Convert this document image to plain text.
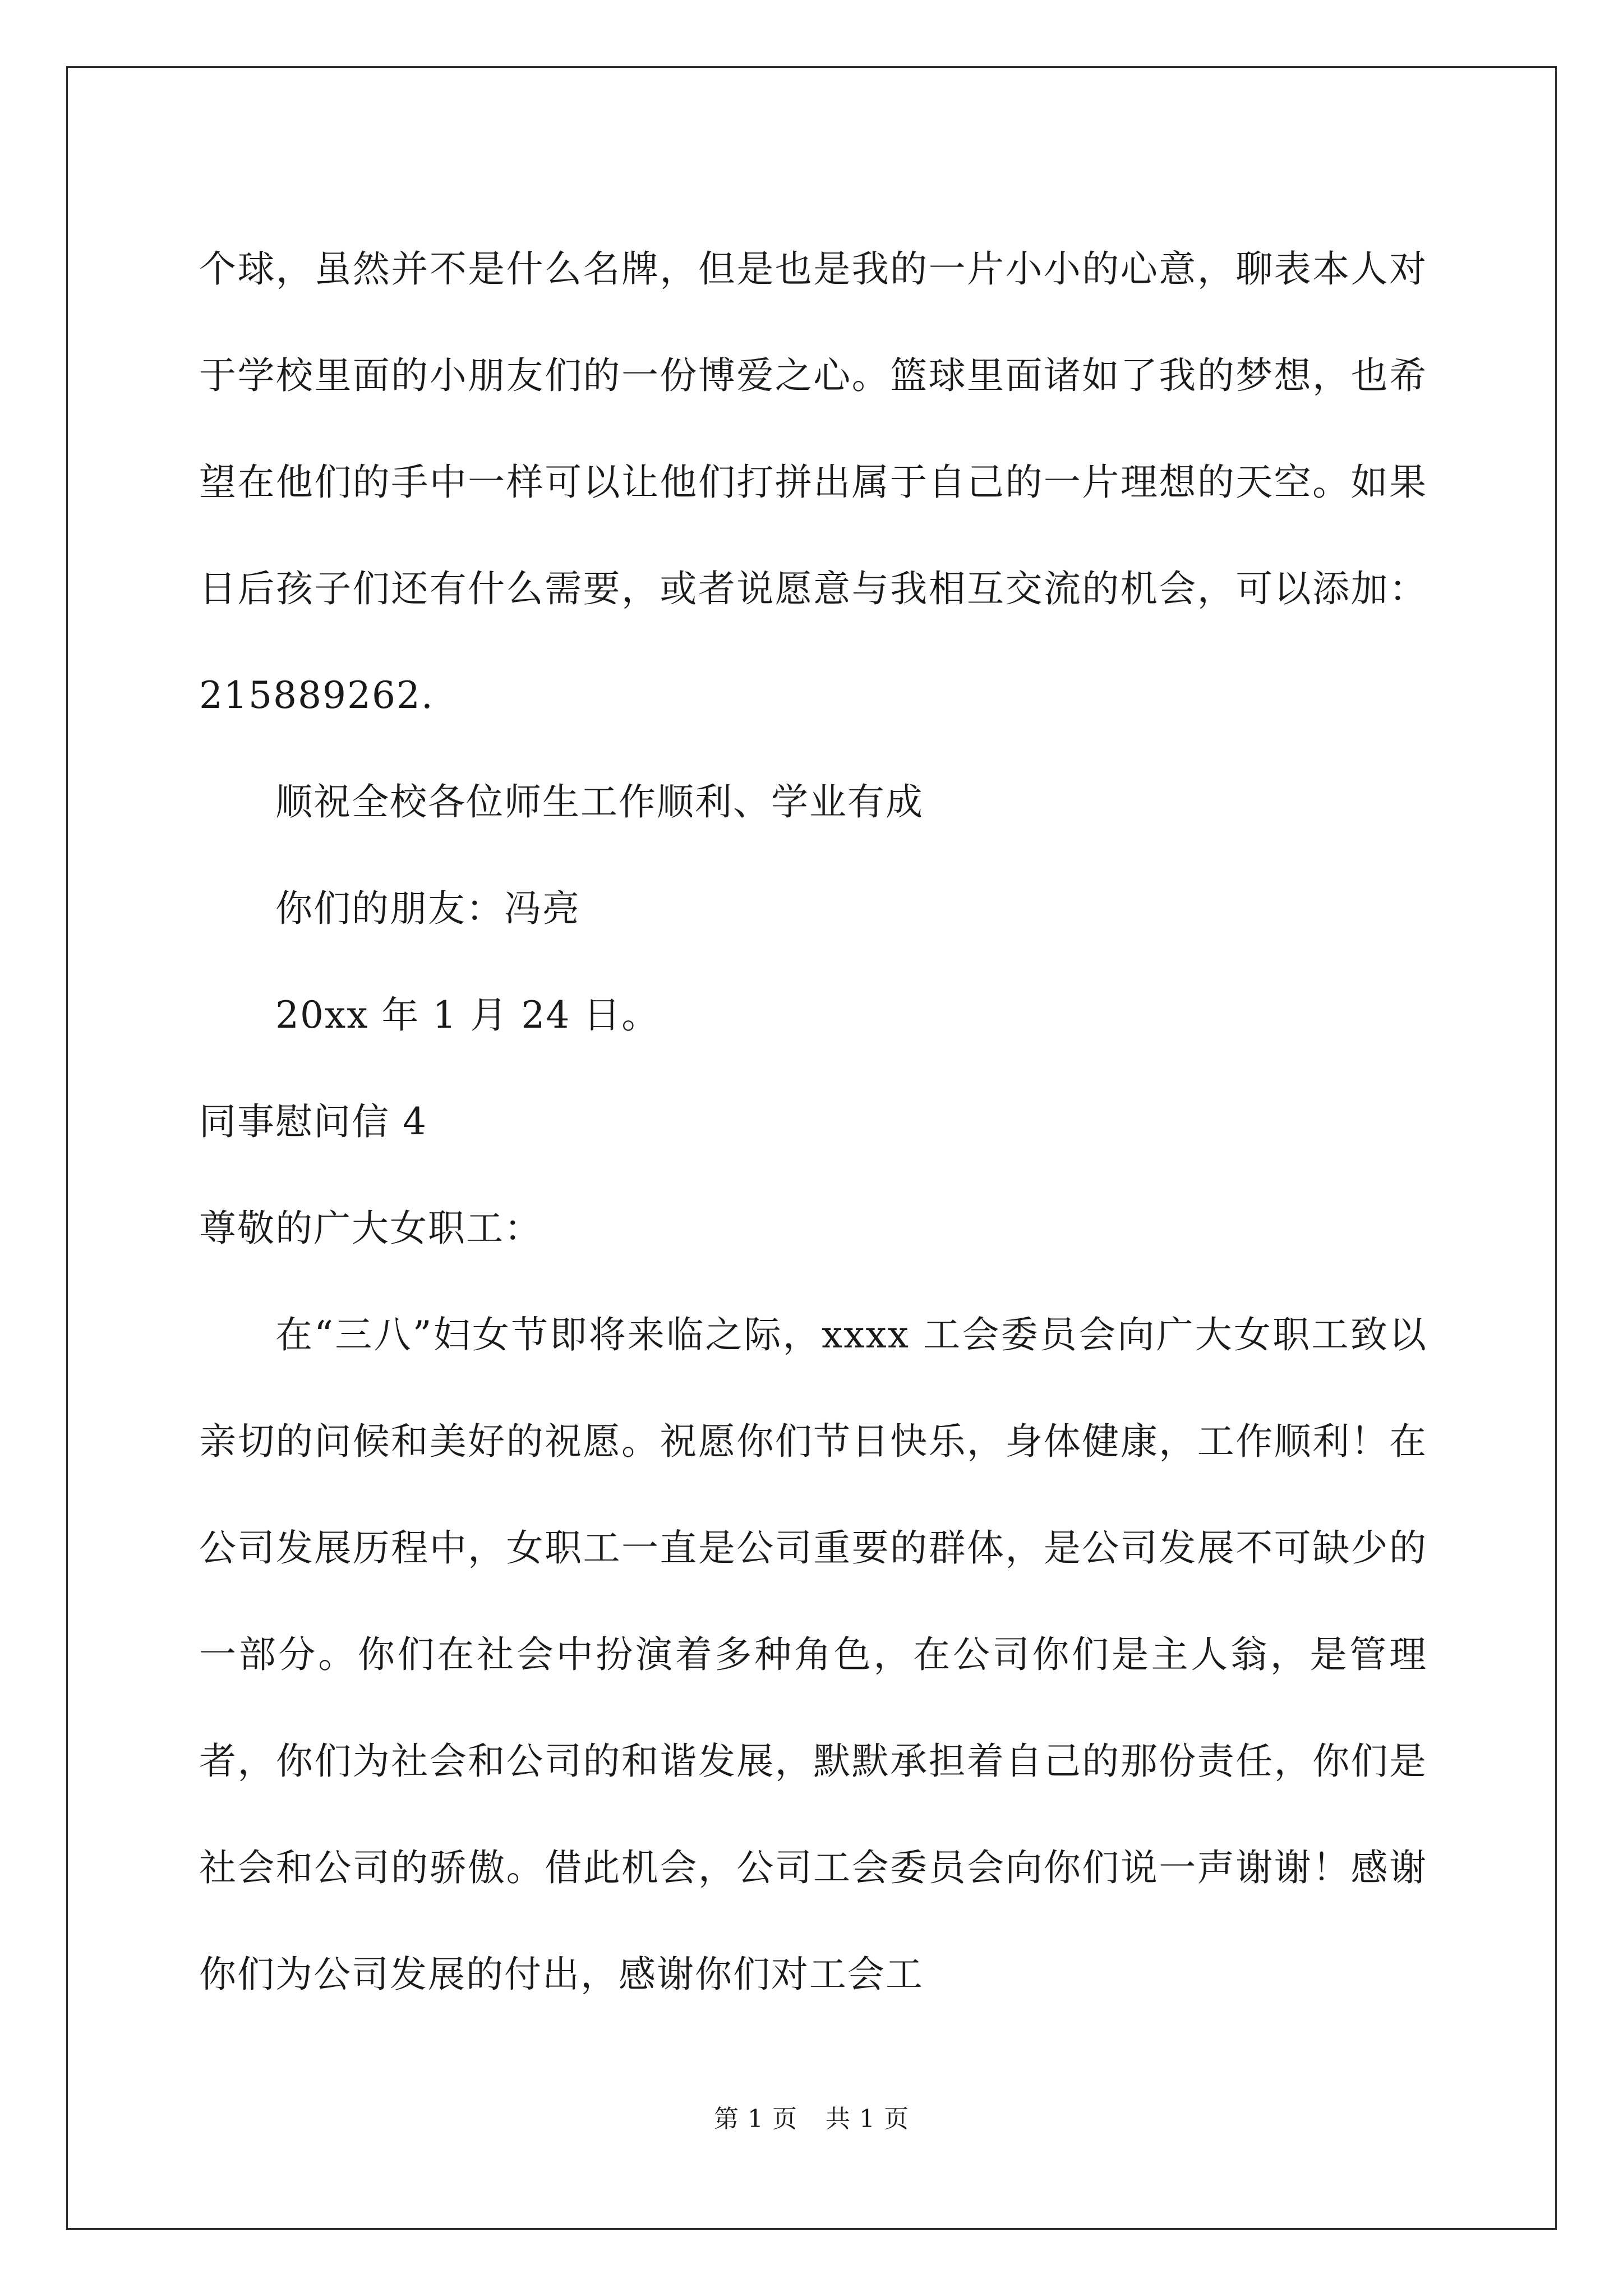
个球，虽然并不是什么名牌，但是也是我的一片小小的心意，聊表本人对于学校里面的小朋友们的一份博爱之心。篮球里面诸如了我的梦想，也希望在他们的手中一样可以让他们打拼出属于自己的一片理想的天空。如果日后孩子们还有什么需要，或者说愿意与我相互交流的机会，可以添加：215889262.

顺祝全校各位师生工作顺利、学业有成

你们的朋友：冯亮

20xx 年 1 月 24 日。

同事慰问信 4

尊敬的广大女职工：

在“三八”妇女节即将来临之际，xxxx 工会委员会向广大女职工致以亲切的问候和美好的祝愿。祝愿你们节日快乐，身体健康，工作顺利！在公司发展历程中，女职工一直是公司重要的群体，是公司发展不可缺少的一部分。你们在社会中扮演着多种角色，在公司你们是主人翁，是管理者，你们为社会和公司的和谐发展，默默承担着自己的那份责任，你们是社会和公司的骄傲。借此机会，公司工会委员会向你们说一声谢谢！感谢你们为公司发展的付出，感谢你们对工会工

第 1 页 共 1 页
